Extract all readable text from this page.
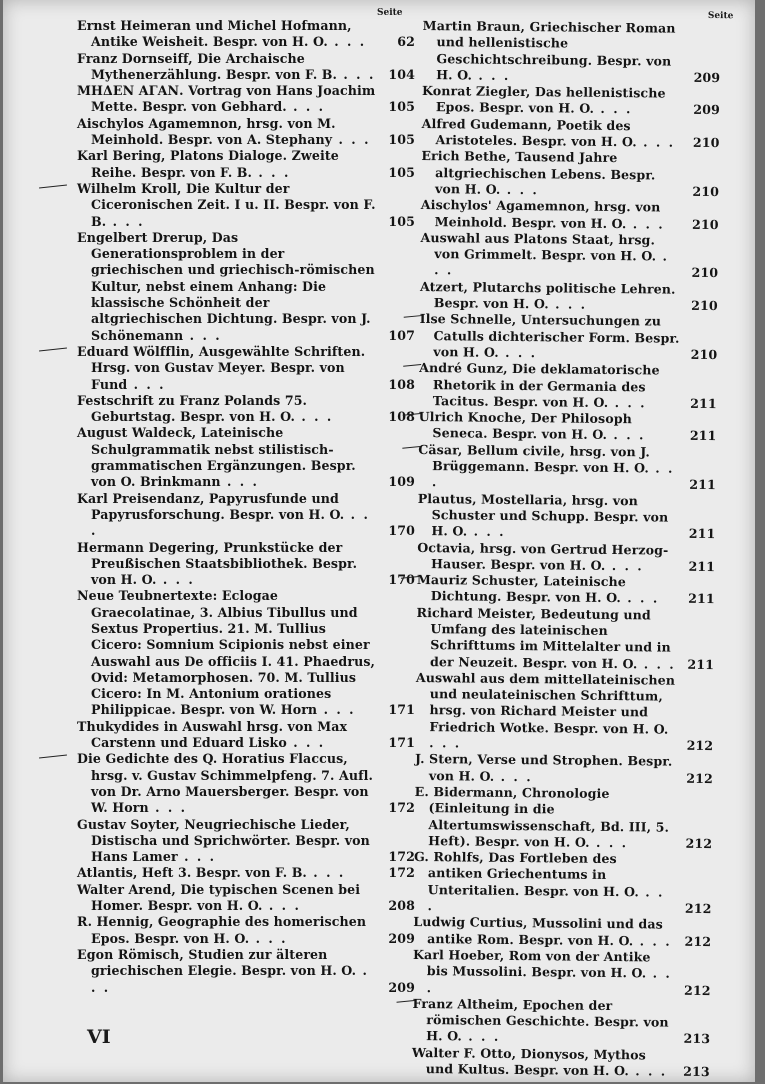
Seite
Ernst Heimeran und Michel Hofmann, Antike Weisheit. Bespr. von H. O. . . . 62
Franz Dornseiff, Die Archaische Mythenerzählung. Bespr. von F. B. . . . 104
ΜΗΔΕΝ ΑΓΑΝ. Vortrag von Hans Joachim Mette. Bespr. von Gebhard. . . .	105
Aischylos Agamemnon, hrsg. von M. Meinhold. Bespr. von A. Stephany . . . 105
Karl Bering, Platons Dialoge. Zweite Reihe. Bespr. von F. B. . . .	105
Wilhelm Kroll, Die Kultur der Ciceronischen Zeit. I u. II. Bespr. von F. B. . . .	105
Engelbert Drerup, Das Generationsproblem in der griechischen und griechisch-römischen Kultur, nebst einem Anhang: Die klassische Schönheit der altgriechischen Dichtung. Bespr. von J. Schönemann . . .	107
Eduard Wölfflin, Ausgewählte Schriften. Hrsg. von Gustav Meyer. Bespr. von Fund . . .	108
Festschrift zu Franz Polands 75. Geburtstag. Bespr. von H. O. . . .	108
August Waldeck, Lateinische Schulgrammatik nebst stilistisch-grammatischen Ergänzungen. Bespr. von O. Brinkmann . . .	109
Karl Preisendanz, Papyrusfunde und Papyrusforschung. Bespr. von H. O. . . .	170
Hermann Degering, Prunkstücke der Preußischen Staatsbibliothek. Bespr. von H. O. . . .	170
Neue Teubnertexte: Eclogae Graecolatinae, 3. Albius Tibullus und Sextus Propertius. 21. M. Tullius Cicero: Somnium Scipionis nebst einer Auswahl aus De officiis I. 41. Phaedrus, Ovid: Metamorphosen. 70. M. Tullius Cicero: In M. Antonium orationes Philippicae. Bespr. von W. Horn . . .	171
Thukydides in Auswahl hrsg. von Max Carstenn und Eduard Lisko . . .	171
Die Gedichte des Q. Horatius Flaccus, hrsg. v. Gustav Schimmelpfeng. 7. Aufl. von Dr. Arno Mauersberger. Bespr. von W. Horn . . .	172
Gustav Soyter, Neugriechische Lieder, Distischa und Sprichwörter. Bespr. von Hans Lamer . . .	172
Atlantis, Heft 3. Bespr. von F. B. . . .	172
Walter Arend, Die typischen Scenen bei Homer. Bespr. von H. O. . . .	208
R. Hennig, Geographie des homerischen Epos. Bespr. von H. O. . . .	209
Egon Römisch, Studien zur älteren griechischen Elegie. Bespr. von H. O. . . .	209
Seite
Martin Braun, Griechischer Roman und hellenistische Geschichtschreibung. Bespr. von H. O. . . .	209
Konrat Ziegler, Das hellenistische Epos. Bespr. von H. O. . . .	209
Alfred Gudemann, Poetik des Aristoteles. Bespr. von H. O. . . . 210
Erich Bethe, Tausend Jahre altgriechischen Lebens. Bespr. von H. O. . . .	210
Aischylos' Agamemnon, hrsg. von Meinhold. Bespr. von H. O. . . . 210
Auswahl aus Platons Staat, hrsg. von Grimmelt. Bespr. von H. O. . . .	210
Atzert, Plutarchs politische Lehren. Bespr. von H. O. . . .	210
Ilse Schnelle, Untersuchungen zu Catulls dichterischer Form. Bespr. von H. O. . . .	210
André Gunz, Die deklamatorische Rhetorik in der Germania des Tacitus. Bespr. von H. O. . . .	211
Ulrich Knoche, Der Philosoph Seneca. Bespr. von H. O. . . .	211
Cäsar, Bellum civile, hrsg. von J. Brüggemann. Bespr. von H. O. . . .	211
Plautus, Mostellaria, hrsg. von Schuster und Schupp. Bespr. von H. O. . . .	211
Octavia, hrsg. von Gertrud Herzog-Hauser. Bespr. von H. O. . . .	211
Mauriz Schuster, Lateinische Dichtung. Bespr. von H. O. . . . 211
Richard Meister, Bedeutung und Umfang des lateinischen Schrifttums im Mittelalter und in der Neuzeit. Bespr. von H. O. . . . 211
Auswahl aus dem mittellateinischen und neulateinischen Schrifttum, hrsg. von Richard Meister und Friedrich Wotke. Bespr. von H. O. . . .	212
J. Stern, Verse und Strophen. Bespr. von H. O. . . .	212
E. Bidermann, Chronologie (Einleitung in die Altertumswissenschaft, Bd. III, 5. Heft). Bespr. von H. O. . . .	212
G. Rohlfs, Das Fortleben des antiken Griechentums in Unteritalien. Bespr. von H. O. . . .	212
Ludwig Curtius, Mussolini und das antike Rom. Bespr. von H. O. . . . 212
Karl Hoeber, Rom von der Antike bis Mussolini. Bespr. von H. O. . . .	212
Franz Altheim, Epochen der römischen Geschichte. Bespr. von H. O. . . .	213
Walter F. Otto, Dionysos, Mythos und Kultus. Bespr. von H. O. . . . 213
VI
